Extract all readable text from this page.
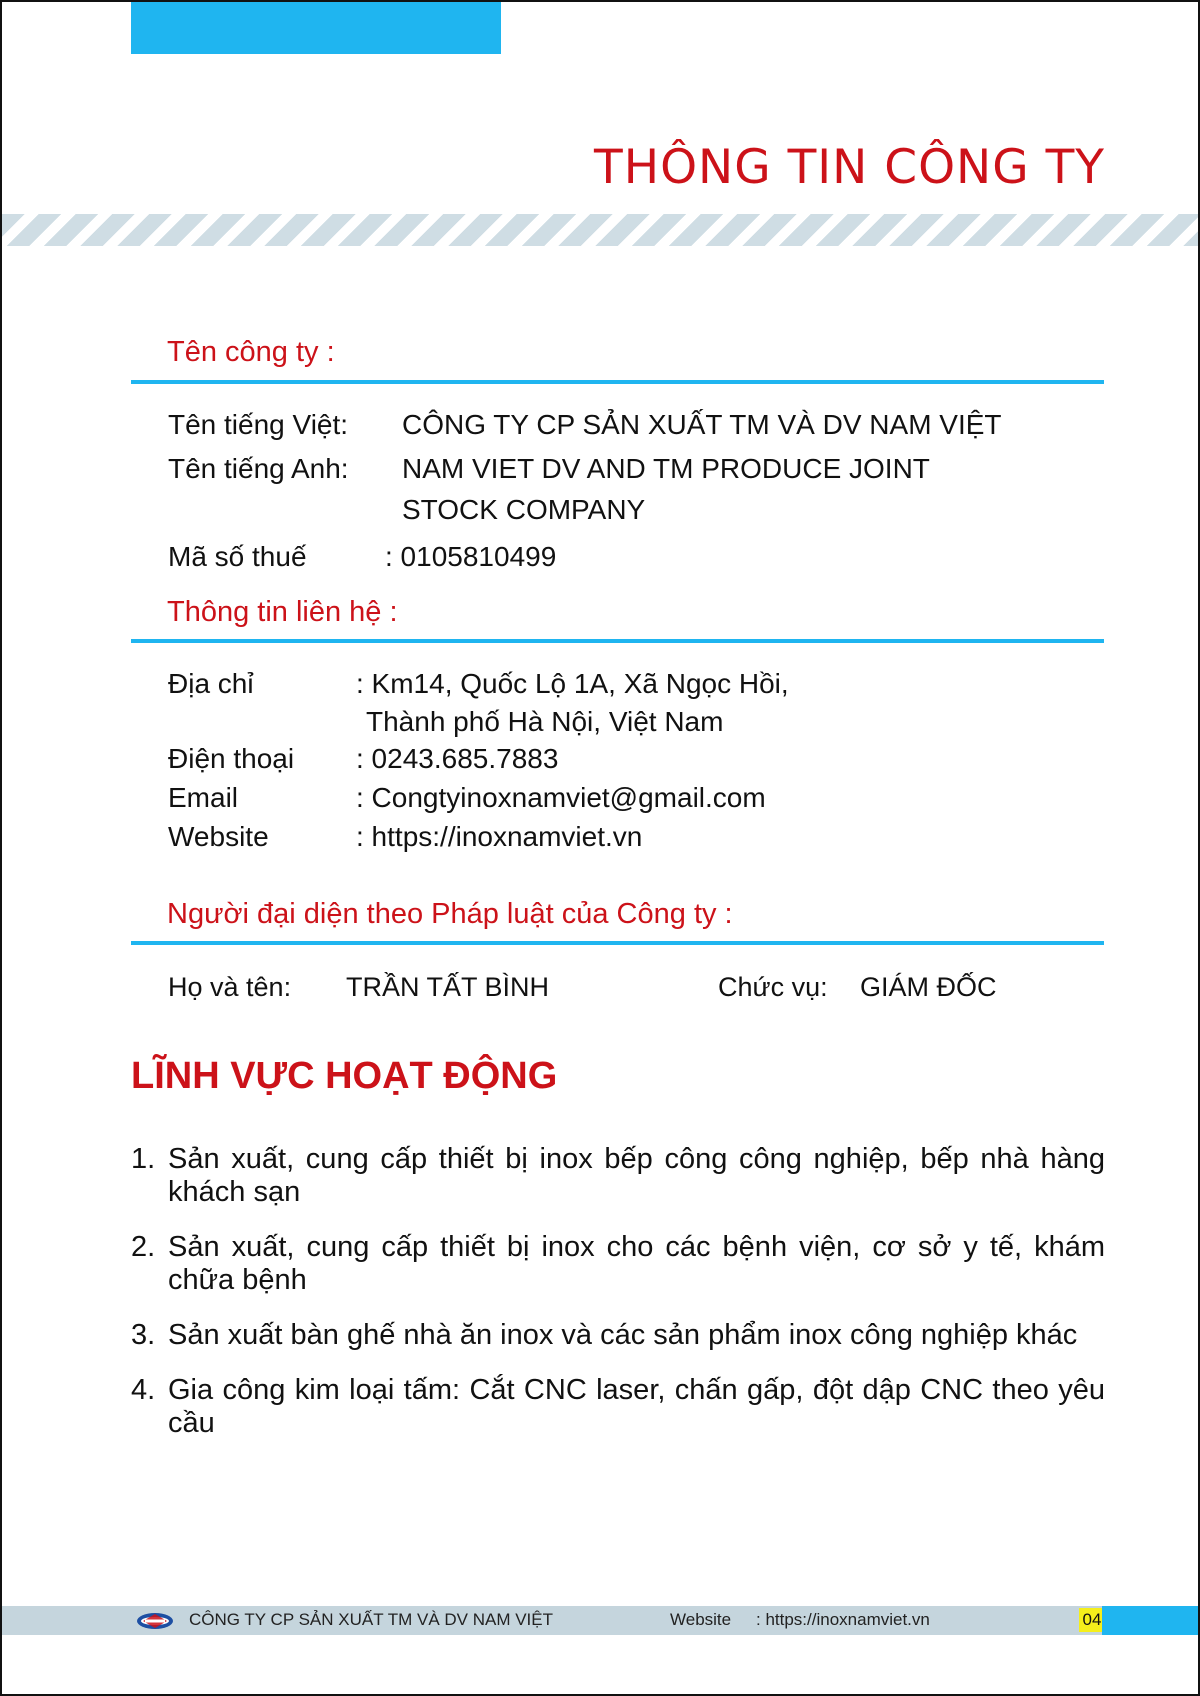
THÔNG TIN CÔNG TY
Tên công ty :
Tên tiếng Việt: CÔNG TY CP SẢN XUẤT TM VÀ DV NAM VIỆT
Tên tiếng Anh: NAM VIET DV AND TM PRODUCE JOINT
STOCK COMPANY
Mã số thuế	: 0105810499
Thông tin liên hệ :
Địa chỉ	: Km14, Quốc Lộ 1A, Xã Ngọc Hồi,
Thành phố Hà Nội, Việt Nam
Điện thoại : 0243.685.7883
Email	: Congtyinoxnamviet@gmail.com
Website	: https://inoxnamviet.vn
Người đại diện theo Pháp luật của Công ty :
Họ và tên: TRẦN TẤT BÌNH	Chức vụ: GIÁM ĐỐC
LĨNH VỰC HOẠT ĐỘNG
1. Sản xuất, cung cấp thiết bị inox bếp công công nghiệp, bếp nhà hàng khách sạn
2. Sản xuất, cung cấp thiết bị inox cho các bệnh viện, cơ sở y tế, khám chữa bệnh
3. Sản xuất bàn ghế nhà ăn inox và các sản phẩm inox công nghiệp khác
4. Gia công kim loại tấm: Cắt CNC laser, chấn gấp, đột dập CNC theo yêu cầu
CÔNG TY CP SẢN XUẤT TM VÀ DV NAM VIỆT	Website : https://inoxnamviet.vn	04
